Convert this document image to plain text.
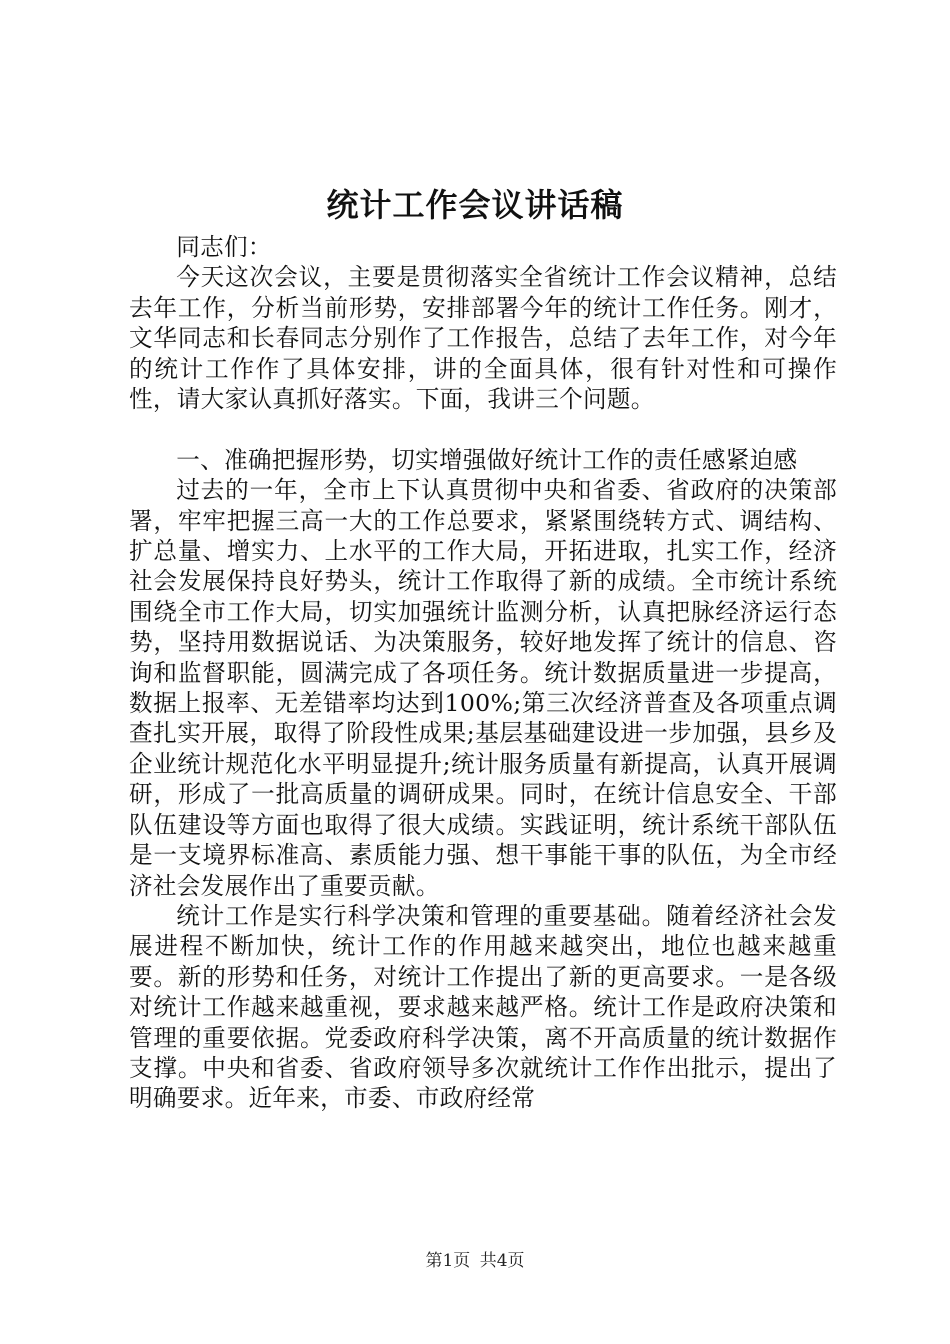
统计工作会议讲话稿

同志们：

今天这次会议，主要是贯彻落实全省统计工作会议精神，总结去年工作，分析当前形势，安排部署今年的统计工作任务。刚才，文华同志和长春同志分别作了工作报告，总结了去年工作，对今年的统计工作作了具体安排，讲的全面具体，很有针对性和可操作性，请大家认真抓好落实。下面，我讲三个问题。

一、准确把握形势，切实增强做好统计工作的责任感紧迫感

过去的一年，全市上下认真贯彻中央和省委、省政府的决策部署，牢牢把握三高一大的工作总要求，紧紧围绕转方式、调结构、扩总量、增实力、上水平的工作大局，开拓进取，扎实工作，经济社会发展保持良好势头，统计工作取得了新的成绩。全市统计系统围绕全市工作大局，切实加强统计监测分析，认真把脉经济运行态势，坚持用数据说话、为决策服务，较好地发挥了统计的信息、咨询和监督职能，圆满完成了各项任务。统计数据质量进一步提高，数据上报率、无差错率均达到100%;第三次经济普查及各项重点调查扎实开展，取得了阶段性成果;基层基础建设进一步加强，县乡及企业统计规范化水平明显提升;统计服务质量有新提高，认真开展调研，形成了一批高质量的调研成果。同时，在统计信息安全、干部队伍建设等方面也取得了很大成绩。实践证明，统计系统干部队伍是一支境界标准高、素质能力强、想干事能干事的队伍，为全市经济社会发展作出了重要贡献。

统计工作是实行科学决策和管理的重要基础。随着经济社会发展进程不断加快，统计工作的作用越来越突出，地位也越来越重要。新的形势和任务，对统计工作提出了新的更高要求。一是各级对统计工作越来越重视，要求越来越严格。统计工作是政府决策和管理的重要依据。党委政府科学决策，离不开高质量的统计数据作支撑。中央和省委、省政府领导多次就统计工作作出批示，提出了明确要求。近年来，市委、市政府经常

第1页 共4页
